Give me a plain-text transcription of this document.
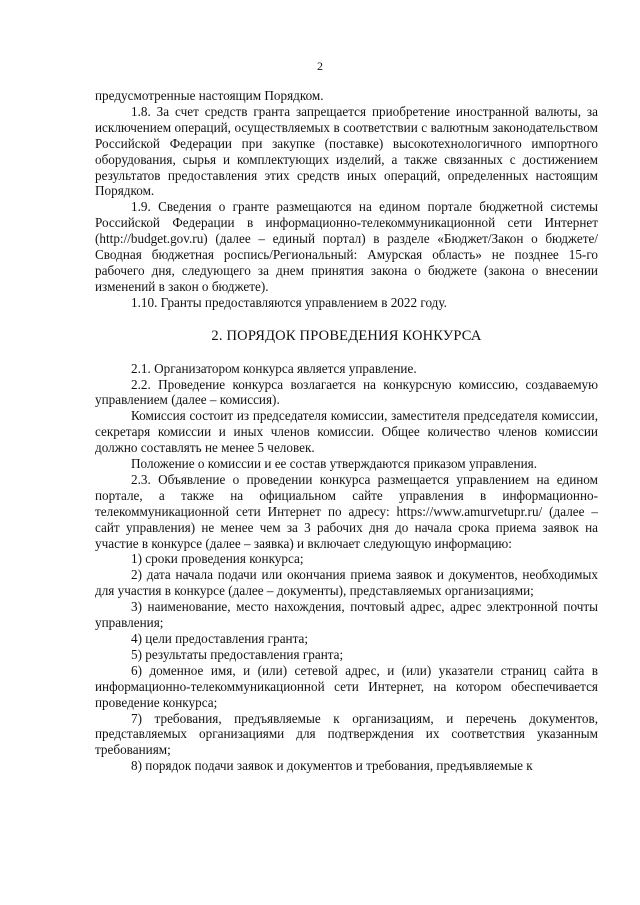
2

предусмотренные настоящим Порядком.

1.8. За счет средств гранта запрещается приобретение иностранной валюты, за исключением операций, осуществляемых в соответствии с валютным законодательством Российской Федерации при закупке (поставке) высокотехнологичного импортного оборудования, сырья и комплектующих изделий, а также связанных с достижением результатов предоставления этих средств иных операций, определенных настоящим Порядком.

1.9. Сведения о гранте размещаются на едином портале бюджетной системы Российской Федерации в информационно-телекоммуникационной сети Интернет (http://budget.gov.ru) (далее – единый портал) в разделе «Бюджет/Закон о бюджете/Сводная бюджетная роспись/Региональный: Амурская область» не позднее 15-го рабочего дня, следующего за днем принятия закона о бюджете (закона о внесении изменений в закон о бюджете).

1.10. Гранты предоставляются управлением в 2022 году.

2. ПОРЯДОК ПРОВЕДЕНИЯ КОНКУРСА

2.1. Организатором конкурса является управление.

2.2. Проведение конкурса возлагается на конкурсную комиссию, создаваемую управлением (далее – комиссия).

Комиссия состоит из председателя комиссии, заместителя председателя комиссии, секретаря комиссии и иных членов комиссии. Общее количество членов комиссии должно составлять не менее 5 человек.

Положение о комиссии и ее состав утверждаются приказом управления.

2.3. Объявление о проведении конкурса размещается управлением на едином портале, а также на официальном сайте управления в информационно-телекоммуникационной сети Интернет по адресу: https://www.amurvetupr.ru/ (далее – сайт управления) не менее чем за 3 рабочих дня до начала срока приема заявок на участие в конкурсе (далее – заявка) и включает следующую информацию:

1) сроки проведения конкурса;

2) дата начала подачи или окончания приема заявок и документов, необходимых для участия в конкурсе (далее – документы), представляемых организациями;

3) наименование, место нахождения, почтовый адрес, адрес электронной почты управления;

4) цели предоставления гранта;

5) результаты предоставления гранта;

6) доменное имя, и (или) сетевой адрес, и (или) указатели страниц сайта в информационно-телекоммуникационной сети Интернет, на котором обеспечивается проведение конкурса;

7) требования, предъявляемые к организациям, и перечень документов, представляемых организациями для подтверждения их соответствия указанным требованиям;

8) порядок подачи заявок и документов и требования, предъявляемые к
